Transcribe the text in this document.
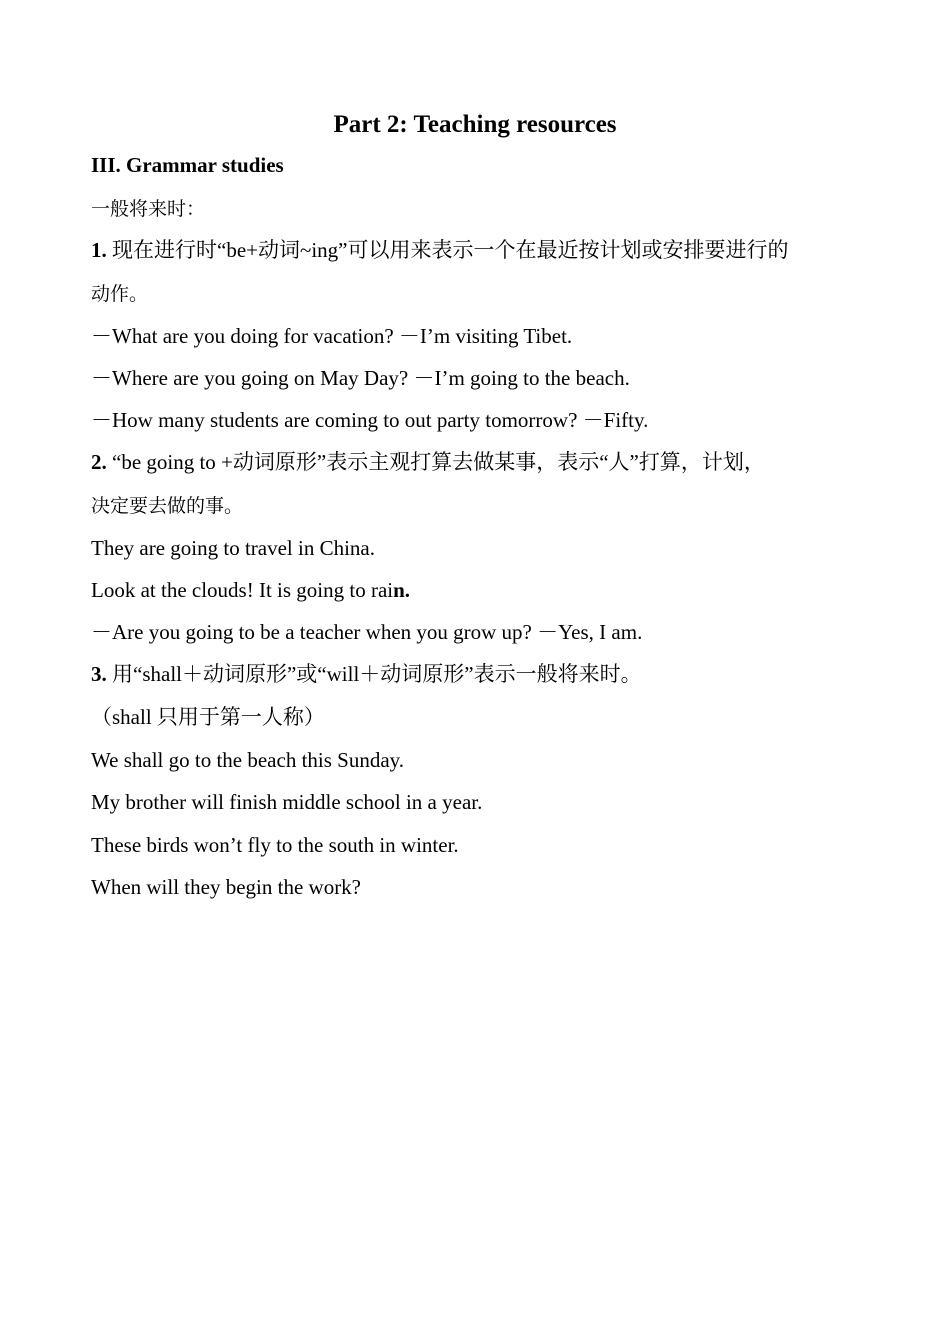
Part 2: Teaching resources

III. Grammar studies

一般将来时：

1. 现在进行时“be+动词~ing”可以用来表示一个在最近按计划或安排要进行的

动作。

－What are you doing for vacation? －I’m visiting Tibet.

－Where are you going on May Day? －I’m going to the beach.

－How many students are coming to out party tomorrow? －Fifty.

2. “be going to +动词原形”表示主观打算去做某事，表示“人”打算，计划，

决定要去做的事。

They are going to travel in China.

Look at the clouds! It is going to rain.

－Are you going to be a teacher when you grow up? －Yes, I am.

3. 用“shall＋动词原形”或“will＋动词原形”表示一般将来时。

（shall 只用于第一人称）

We shall go to the beach this Sunday.

My brother will finish middle school in a year.

These birds won’t fly to the south in winter.

When will they begin the work?
